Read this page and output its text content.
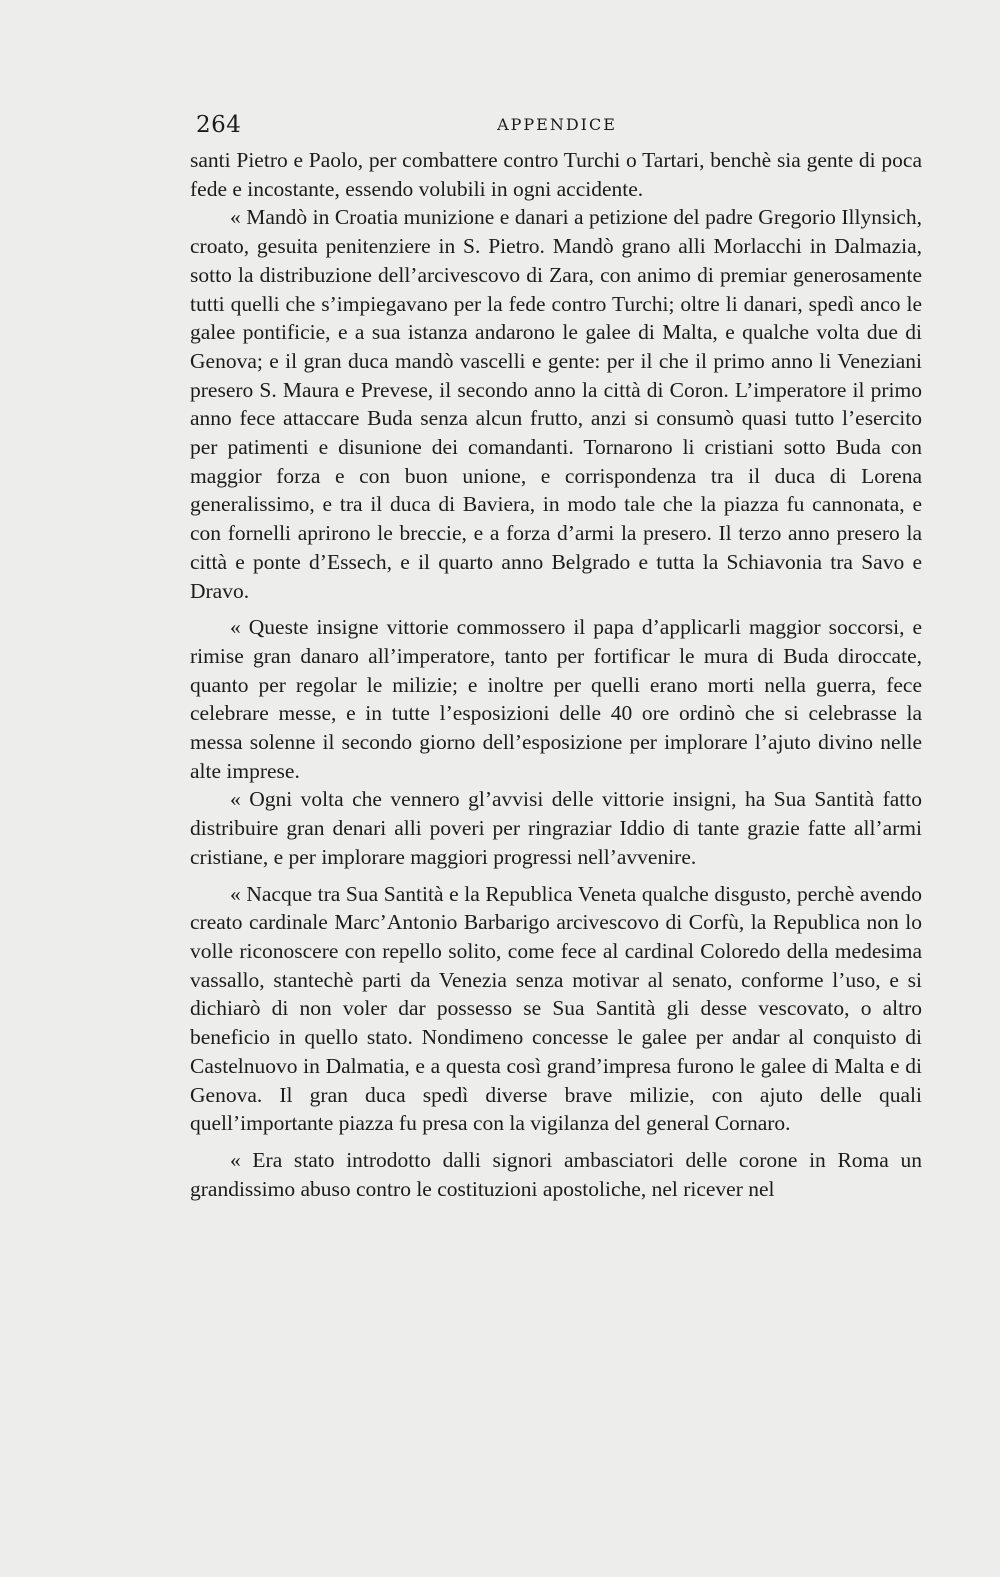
264	APPENDICE

santi Pietro e Paolo, per combattere contro Turchi o Tartari, benchè sia gente di poca fede e incostante, essendo volubili in ogni accidente.

« Mandò in Croatia munizione e danari a petizione del padre Gregorio Illynsich, croato, gesuita penitenziere in S. Pietro. Mandò grano alli Morlacchi in Dalmazia, sotto la distribuzione dell’arcivescovo di Zara, con animo di premiar generosamente tutti quelli che s’impiegavano per la fede contro Turchi; oltre li danari, spedì anco le galee pontificie, e a sua istanza andarono le galee di Malta, e qualche volta due di Genova; e il gran duca mandò vascelli e gente: per il che il primo anno li Veneziani presero S. Maura e Prevese, il secondo anno la città di Coron. L’imperatore il primo anno fece attaccare Buda senza alcun frutto, anzi si consumò quasi tutto l’esercito per patimenti e disunione dei comandanti. Tornarono li cristiani sotto Buda con maggior forza e con buon unione, e corrispondenza tra il duca di Lorena generalissimo, e tra il duca di Baviera, in modo tale che la piazza fu cannonata, e con fornelli aprirono le breccie, e a forza d’armi la presero. Il terzo anno presero la città e ponte d’Essech, e il quarto anno Belgrado e tutta la Schiavonia tra Savo e Dravo.

« Queste insigne vittorie commossero il papa d’applicarli maggior soccorsi, e rimise gran danaro all’imperatore, tanto per fortificar le mura di Buda diroccate, quanto per regolar le milizie; e inoltre per quelli erano morti nella guerra, fece celebrare messe, e in tutte l’esposizioni delle 40 ore ordinò che si celebrasse la messa solenne il secondo giorno dell’esposizione per implorare l’ajuto divino nelle alte imprese.

« Ogni volta che vennero gl’avvisi delle vittorie insigni, ha Sua Santità fatto distribuire gran denari alli poveri per ringraziar Iddio di tante grazie fatte all’armi cristiane, e per implorare maggiori progressi nell’avvenire.

« Nacque tra Sua Santità e la Republica Veneta qualche disgusto, perchè avendo creato cardinale Marc’Antonio Barbarigo arcivescovo di Corfù, la Republica non lo volle riconoscere con repello solito, come fece al cardinal Coloredo della medesima vassallo, stantechè parti da Venezia senza motivar al senato, conforme l’uso, e si dichiarò di non voler dar possesso se Sua Santità gli desse vescovato, o altro beneficio in quello stato. Nondimeno concesse le galee per andar al conquisto di Castelnuovo in Dalmatia, e a questa così grand’impresa furono le galee di Malta e di Genova. Il gran duca spedì diverse brave milizie, con ajuto delle quali quell’importante piazza fu presa con la vigilanza del general Cornaro.

« Era stato introdotto dalli signori ambasciatori delle corone in Roma un grandissimo abuso contro le costituzioni apostoliche, nel ricever nel
